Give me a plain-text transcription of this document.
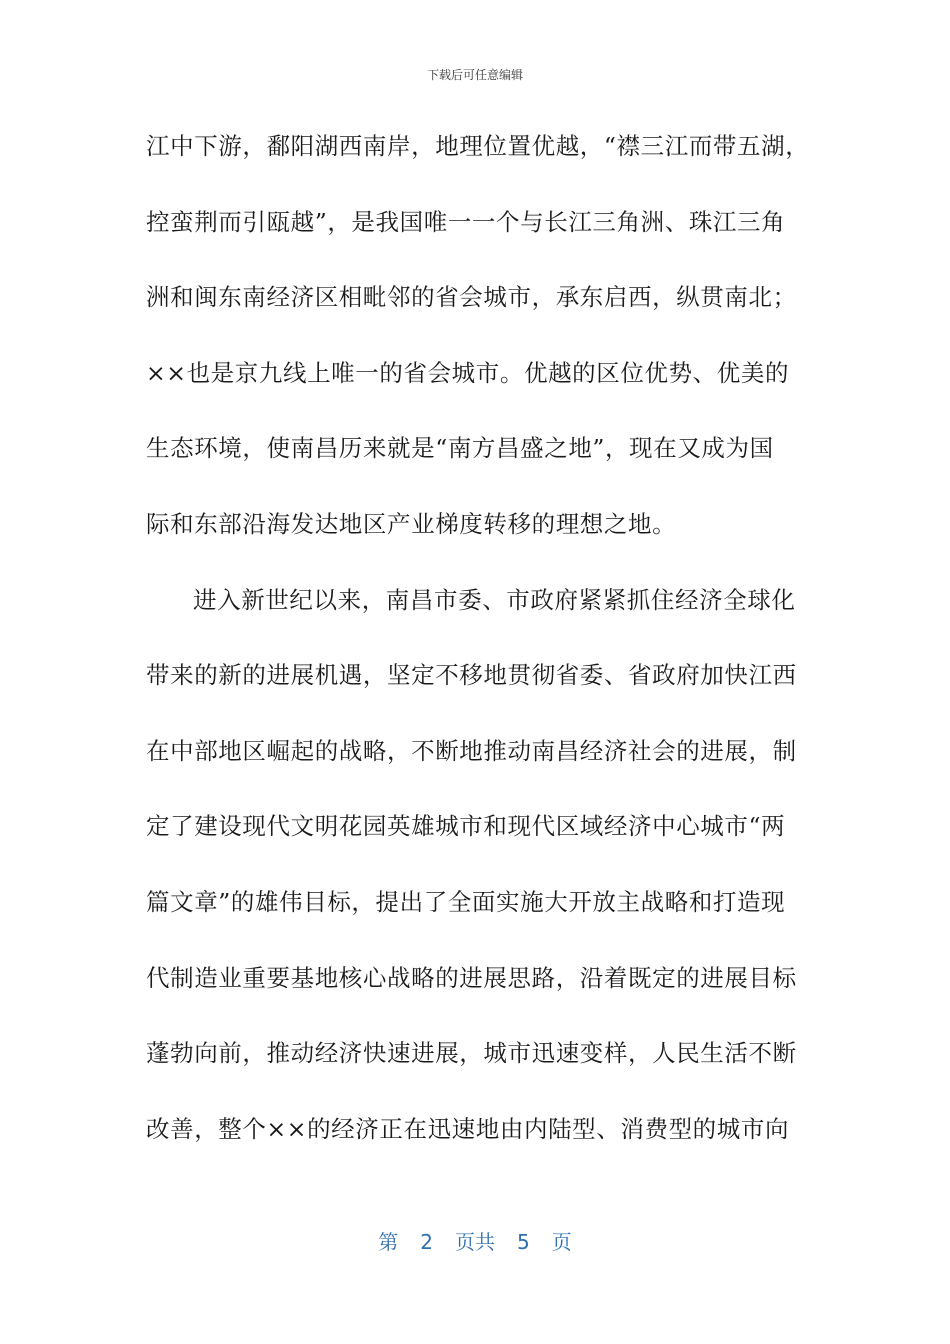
下载后可任意编辑
江中下游，鄱阳湖西南岸，地理位置优越，“襟三江而带五湖，
控蛮荆而引瓯越”，是我国唯一一个与长江三角洲、珠江三角
洲和闽东南经济区相毗邻的省会城市，承东启西，纵贯南北；
××也是京九线上唯一的省会城市。优越的区位优势、优美的
生态环境，使南昌历来就是“南方昌盛之地”，现在又成为国
际和东部沿海发达地区产业梯度转移的理想之地。
进入新世纪以来，南昌市委、市政府紧紧抓住经济全球化
带来的新的进展机遇，坚定不移地贯彻省委、省政府加快江西
在中部地区崛起的战略，不断地推动南昌经济社会的进展，制
定了建设现代文明花园英雄城市和现代区域经济中心城市“两
篇文章”的雄伟目标，提出了全面实施大开放主战略和打造现
代制造业重要基地核心战略的进展思路，沿着既定的进展目标
蓬勃向前，推动经济快速进展，城市迅速变样，人民生活不断
改善，整个××的经济正在迅速地由内陆型、消费型的城市向
第 2 页共 5 页
